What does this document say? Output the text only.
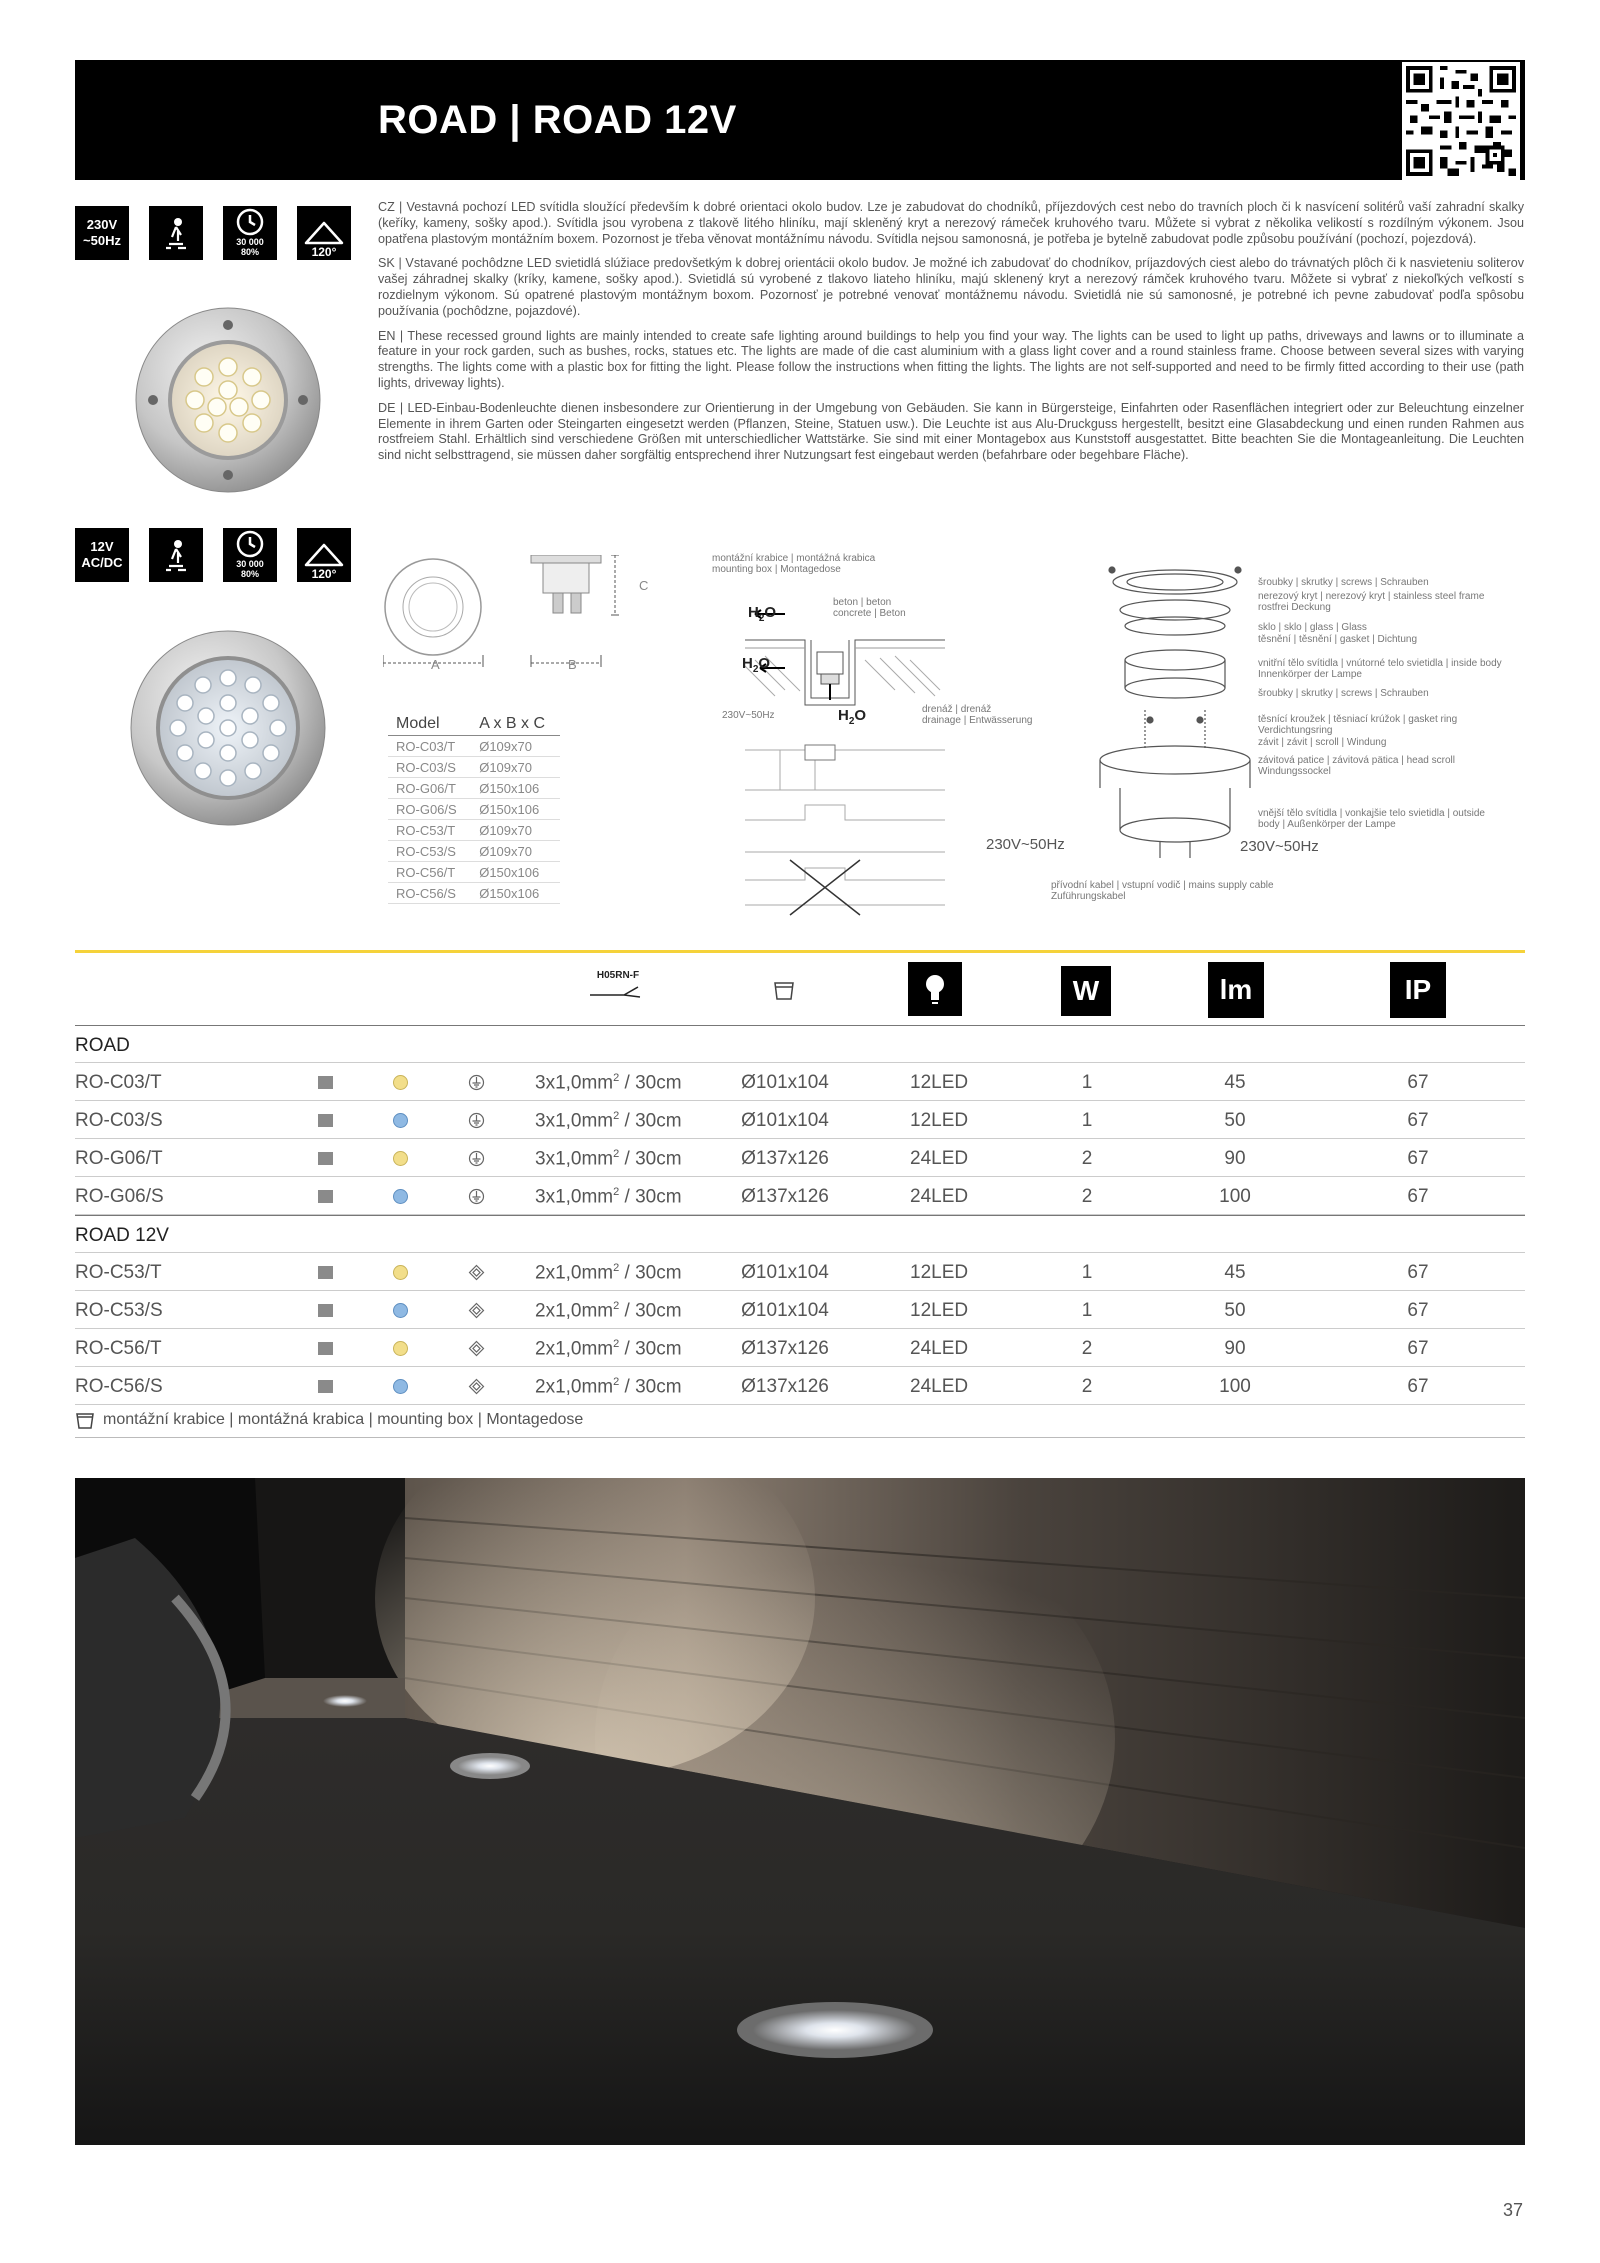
ROAD | ROAD 12V
230V
~50Hz	30 000
80%	120°
12V
AC/DC	30 000
80%	120°

CZ | Vestavná pochozí LED svítidla sloužící především k dobré orientaci okolo budov. Lze je zabudovat do chodníků, příjezdových cest nebo do travních ploch či k nasvícení solitérů vaší zahradní skalky (keříky, kameny, sošky apod.). Svítidla jsou vyrobena z tlakově litého hliníku, mají skleněný kryt a nerezový rámeček kruhového tvaru. Můžete si vybrat z několika velikostí s rozdílným výkonem. Jsou opatřena plastovým montážním boxem. Pozornost je třeba věnovat montážnímu návodu. Svítidla nejsou samonosná, je potřeba je bytelně zabudovat podle způsobu používání (pochozí, pojezdová).

SK | Vstavané pochôdzne LED svietidlá slúžiace predovšetkým k dobrej orientácii okolo budov. Je možné ich zabudovať do chodníkov, príjazdových ciest alebo do trávnatých plôch či k nasvieteniu soliterov vašej záhradnej skalky (kríky, kamene, sošky apod.). Svietidlá sú vyrobené z tlakovo liateho hliníku, majú sklenený kryt a nerezový rámček kruhového tvaru. Môžete si vybrať z niekoľkých veľkostí s rozdielnym výkonom. Sú opatrené plastovým montážnym boxom. Pozornosť je potrebné venovať montážnemu návodu. Svietidlá nie sú samonosné, je potrebné ich pevne zabudovať podľa spôsobu používania (pochôdzne, pojazdové).

EN | These recessed ground lights are mainly intended to create safe lighting around buildings to help you find your way. The lights can be used to light up paths, driveways and lawns or to illuminate a feature in your rock garden, such as bushes, rocks, statues etc. The lights are made of die cast aluminium with a glass light cover and a round stainless frame. Choose between several sizes with varying strengths. The lights come with a plastic box for fitting the light. Please follow the instructions when fitting the lights. The lights are not self-supported and need to be firmly fitted according to their use (path lights, driveway lights).

DE | LED-Einbau-Bodenleuchte dienen insbesondere zur Orientierung in der Umgebung von Gebäuden. Sie kann in Bürgersteige, Einfahrten oder Rasenflächen integriert oder zur Beleuchtung einzelner Elemente in ihrem Garten oder Steingarten eingesetzt werden (Pflanzen, Steine, Statuen usw.). Die Leuchte ist aus Alu-Druckguss hergestellt, besitzt eine Glasabdeckung und einen runden Rahmen aus rostfreiem Stahl. Erhältlich sind verschiedene Größen mit unterschiedlicher Wattstärke. Sie sind mit einer Montagebox aus Kunststoff ausgestattet. Bitte beachten Sie die Montageanleitung. Die Leuchten sind nicht selbsttragend, sie müssen daher sorgfältig entsprechend ihrer Nutzungsart fest eingebaut werden (befahrbare oder begehbare Fläche).

A	B
C
Model	A x B x C
RO-C03/T	Ø109x70
RO-C03/S	Ø109x70
RO-G06/T	Ø150x106
RO-G06/S	Ø150x106
RO-C53/T	Ø109x70
RO-C53/S	Ø109x70
RO-C56/T	Ø150x106
RO-C56/S	Ø150x106
montážní krabice | montážná krabica
mounting box | Montagedose
beton | beton
concrete | Beton
drenáž | drenáž
drainage | Entwässerung
230V~50Hz
$H_2O$
$H_2O$
$H_2O$
šroubky | skrutky | screws | Schrauben
nerezový kryt | nerezový kryt | stainless steel frame
rostfrei Deckung
sklo | sklo | glass | Glass
těsnění | těsnění | gasket | Dichtung
vnitřní tělo svítidla | vnútorné telo svietidla | inside body
Innenkörper der Lampe
šroubky | skrutky | screws | Schrauben
těsnící kroužek | těsniací krúžok | gasket ring
Verdichtungsring
závit | závit | scroll | Windung
závitová patice | závitová pätica | head scroll
Windungssockel
vnější tělo svítidla | vonkajšie telo svietidla | outside
body | Außenkörper der Lampe
230V~50Hz	230V~50Hz
přívodní kabel | vstupní vodič | mains supply cable
Zuführungskabel
H05RN-F	W	lm	IP
ROAD
RO-C03/T	$3x1,0mm^2 / 30cm$	Ø101x104	12LED	1	45	67
RO-C03/S	$3x1,0mm^2 / 30cm$	Ø101x104	12LED	1	50	67
RO-G06/T	$3x1,0mm^2 / 30cm$	Ø137x126	24LED	2	90	67
RO-G06/S	$3x1,0mm^2 / 30cm$	Ø137x126	24LED	2	100	67
ROAD 12V
RO-C53/T	$2x1,0mm^2 / 30cm$	Ø101x104	12LED	1	45	67
RO-C53/S	$2x1,0mm^2 / 30cm$	Ø101x104	12LED	1	50	67
RO-C56/T	$2x1,0mm^2 / 30cm$	Ø137x126	24LED	2	90	67
RO-C56/S	$2x1,0mm^2 / 30cm$	Ø137x126	24LED	2	100	67
montážní krabice | montážná krabica | mounting box | Montagedose
37
